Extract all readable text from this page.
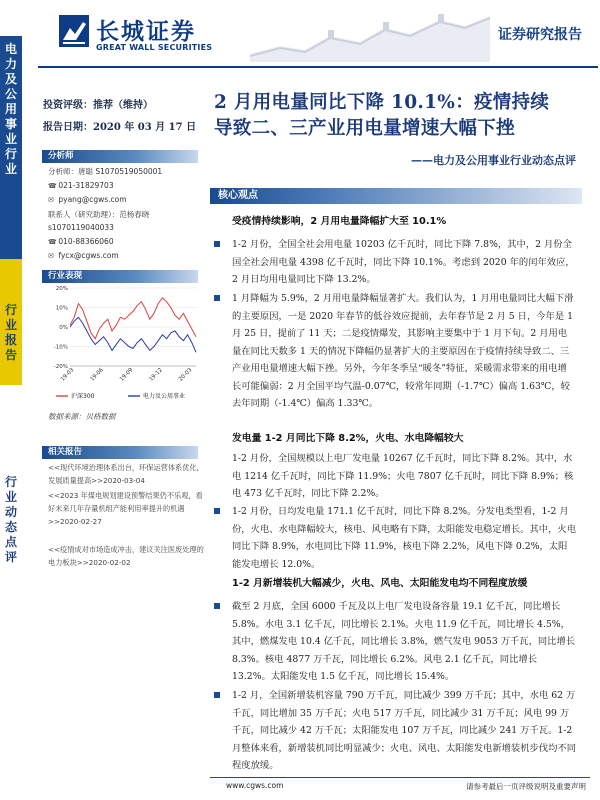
长城证券
GREAT WALL SECURITIES
证券研究报告
电
力
及
公
用
事
业
行
业
行
业
报
告
行
业
动
态
点
评
投资评级：推荐（维持）
报告日期：2020 年 03 月 17 日
分析师
分析师：唐聪 S1070519050001
☎ 021-31829703
✉ pyang@cgws.com
联系人（研究助理）：范杨春晓
s1070119040033
☎ 010-88366060
✉ fycx@cgws.com
行业表现
20%
10%
0%
-10%
-20%
19-03	19-06	19-09	19-12	20-03
沪深300	电力及公用事业
数据来源：贝格数据
相关报告
<<现代环境治理体系出台，环保运营体系优化，发展质量提高>>2020-03-04
<<2023 年煤电规划建设预警结果仍不乐观，看好未来几年存量机组产能利用率提升的机遇>>2020-02-27
<<疫情成对市场造成冲击，建议关注医废处理的电力板块>>2020-02-02
2 月用电量同比下降 10.1%：疫情持续
导致二、三产业用电量增速大幅下挫
——电力及公用事业行业动态点评
核心观点
受疫情持续影响，2 月用电量降幅扩大至 10.1%
1-2 月份，全国全社会用电量 10203 亿千瓦时，同比下降 7.8%，其中，2 月份全国全社会用电量 4398 亿千瓦时，同比下降 10.1%。考虑到 2020 年的闰年效应，2 月日均用电量同比下降 13.2%。
1 月降幅为 5.9%，2 月用电量降幅显著扩大。我们认为，1 月用电量同比大幅下滑的主要原因，一是 2020 年春节的低谷效应提前，去年春节是 2 月 5 日，今年是 1 月 25 日，提前了 11 天；二是疫情爆发，其影响主要集中于 1 月下旬。2 月用电量在同比天数多 1 天的情况下降幅仍显著扩大的主要原因在于疫情持续导致二、三产业用电量增速大幅下挫。另外，今年冬季呈“暖冬”特征，采暖需求带来的用电增长可能偏弱：2 月全国平均气温-0.07℃，较常年同期（-1.7℃）偏高 1.63℃，较去年同期（-1.4℃）偏高 1.33℃。
发电量 1-2 月同比下降 8.2%，火电、水电降幅较大
1-2 月份，全国规模以上电厂发电量 10267 亿千瓦时，同比下降 8.2%。其中，水电 1214 亿千瓦时，同比下降 11.9%；火电 7807 亿千瓦时，同比下降 8.9%；核电 473 亿千瓦时，同比下降 2.2%。
1-2 月份，日均发电量 171.1 亿千瓦时，同比下降 8.2%。分发电类型看，1-2 月份，火电、水电降幅较大，核电、风电略有下降，太阳能发电稳定增长。其中，火电同比下降 8.9%，水电同比下降 11.9%，核电下降 2.2%，风电下降 0.2%，太阳能发电增长 12.0%。
1-2 月新增装机大幅减少，火电、风电、太阳能发电均不同程度放缓
截至 2 月底，全国 6000 千瓦及以上电厂发电设备容量 19.1 亿千瓦，同比增长 5.8%。水电 3.1 亿千瓦，同比增长 2.1%。火电 11.9 亿千瓦，同比增长 4.5%，其中，燃煤发电 10.4 亿千瓦，同比增长 3.8%，燃气发电 9053 万千瓦，同比增长 8.3%。核电 4877 万千瓦，同比增长 6.2%。风电 2.1 亿千瓦，同比增长 13.2%。太阳能发电 1.5 亿千瓦，同比增长 15.4%。
1-2 月，全国新增装机容量 790 万千瓦，同比减少 399 万千瓦；其中，水电 62 万千瓦，同比增加 35 万千瓦；火电 517 万千瓦，同比减少 31 万千瓦；风电 99 万千瓦，同比减少 42 万千瓦；太阳能发电 107 万千瓦，同比减少 241 万千瓦。1-2 月整体来看，新增装机同比明显减少；火电、风电、太阳能发电新增装机步伐均不同程度放缓。
www.cgws.com	请参考最后一页评级说明及重要声明
